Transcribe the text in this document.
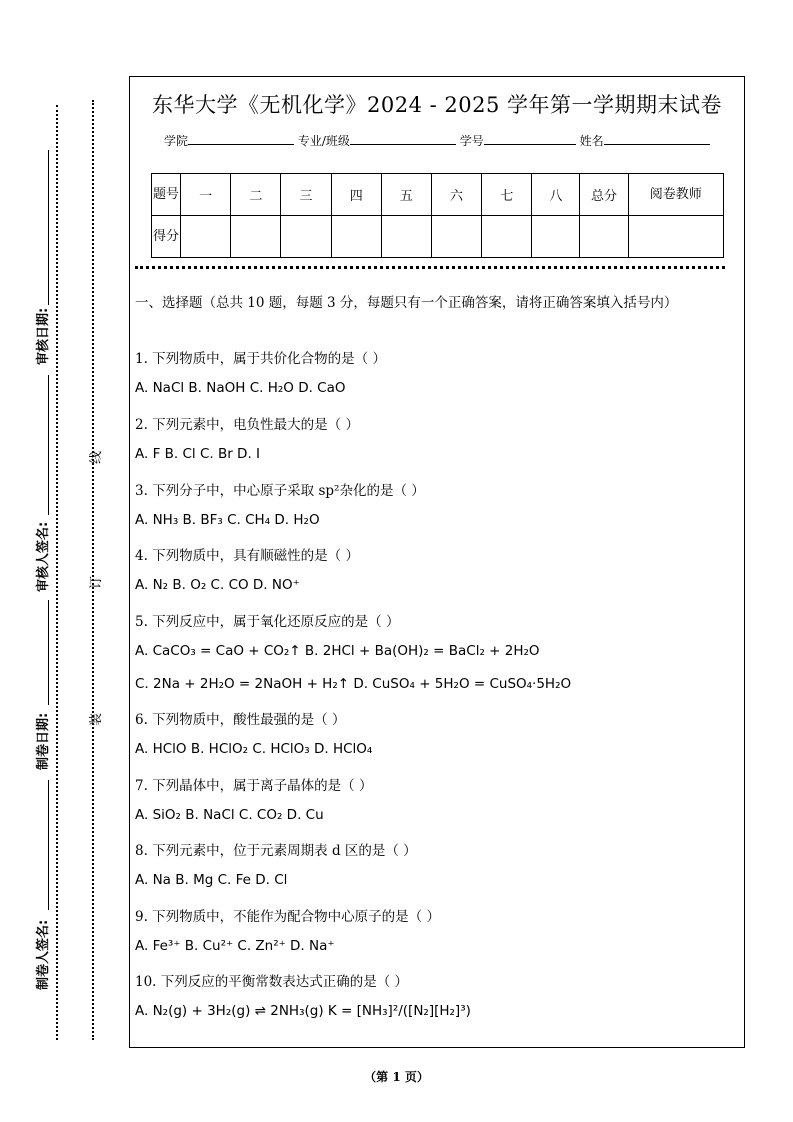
审核日期:
审核人签名:
制卷日期:
制卷人签名:
线
订
装
东华大学《无机化学》2024 - 2025 学年第一学期期末试卷
学院	专业/班级	学号	姓名
题号	一	二	三	四	五	六	七	八	总分	阅卷教师
得分										
一、选择题（总共 10 题，每题 3 分，每题只有一个正确答案，请将正确答案填入括号内）
1. 下列物质中，属于共价化合物的是（ ）
A. NaCl B. NaOH C. H₂O D. CaO
2. 下列元素中，电负性最大的是（ ）
A. F B. Cl C. Br D. I
3. 下列分子中，中心原子采取 sp²杂化的是（ ）
A. NH₃ B. BF₃ C. CH₄ D. H₂O
4. 下列物质中，具有顺磁性的是（ ）
A. N₂ B. O₂ C. CO D. NO⁺
5. 下列反应中，属于氧化还原反应的是（ ）
A. CaCO₃ = CaO + CO₂↑ B. 2HCl + Ba(OH)₂ = BaCl₂ + 2H₂O
C. 2Na + 2H₂O = 2NaOH + H₂↑ D. CuSO₄ + 5H₂O = CuSO₄·5H₂O
6. 下列物质中，酸性最强的是（ ）
A. HClO B. HClO₂ C. HClO₃ D. HClO₄
7. 下列晶体中，属于离子晶体的是（ ）
A. SiO₂ B. NaCl C. CO₂ D. Cu
8. 下列元素中，位于元素周期表 d 区的是（ ）
A. Na B. Mg C. Fe D. Cl
9. 下列物质中，不能作为配合物中心原子的是（ ）
A. Fe³⁺ B. Cu²⁺ C. Zn²⁺ D. Na⁺
10. 下列反应的平衡常数表达式正确的是（ ）
A. N₂(g) + 3H₂(g) ⇌ 2NH₃(g) K = [NH₃]²/([N₂][H₂]³)
（第 1 页）
